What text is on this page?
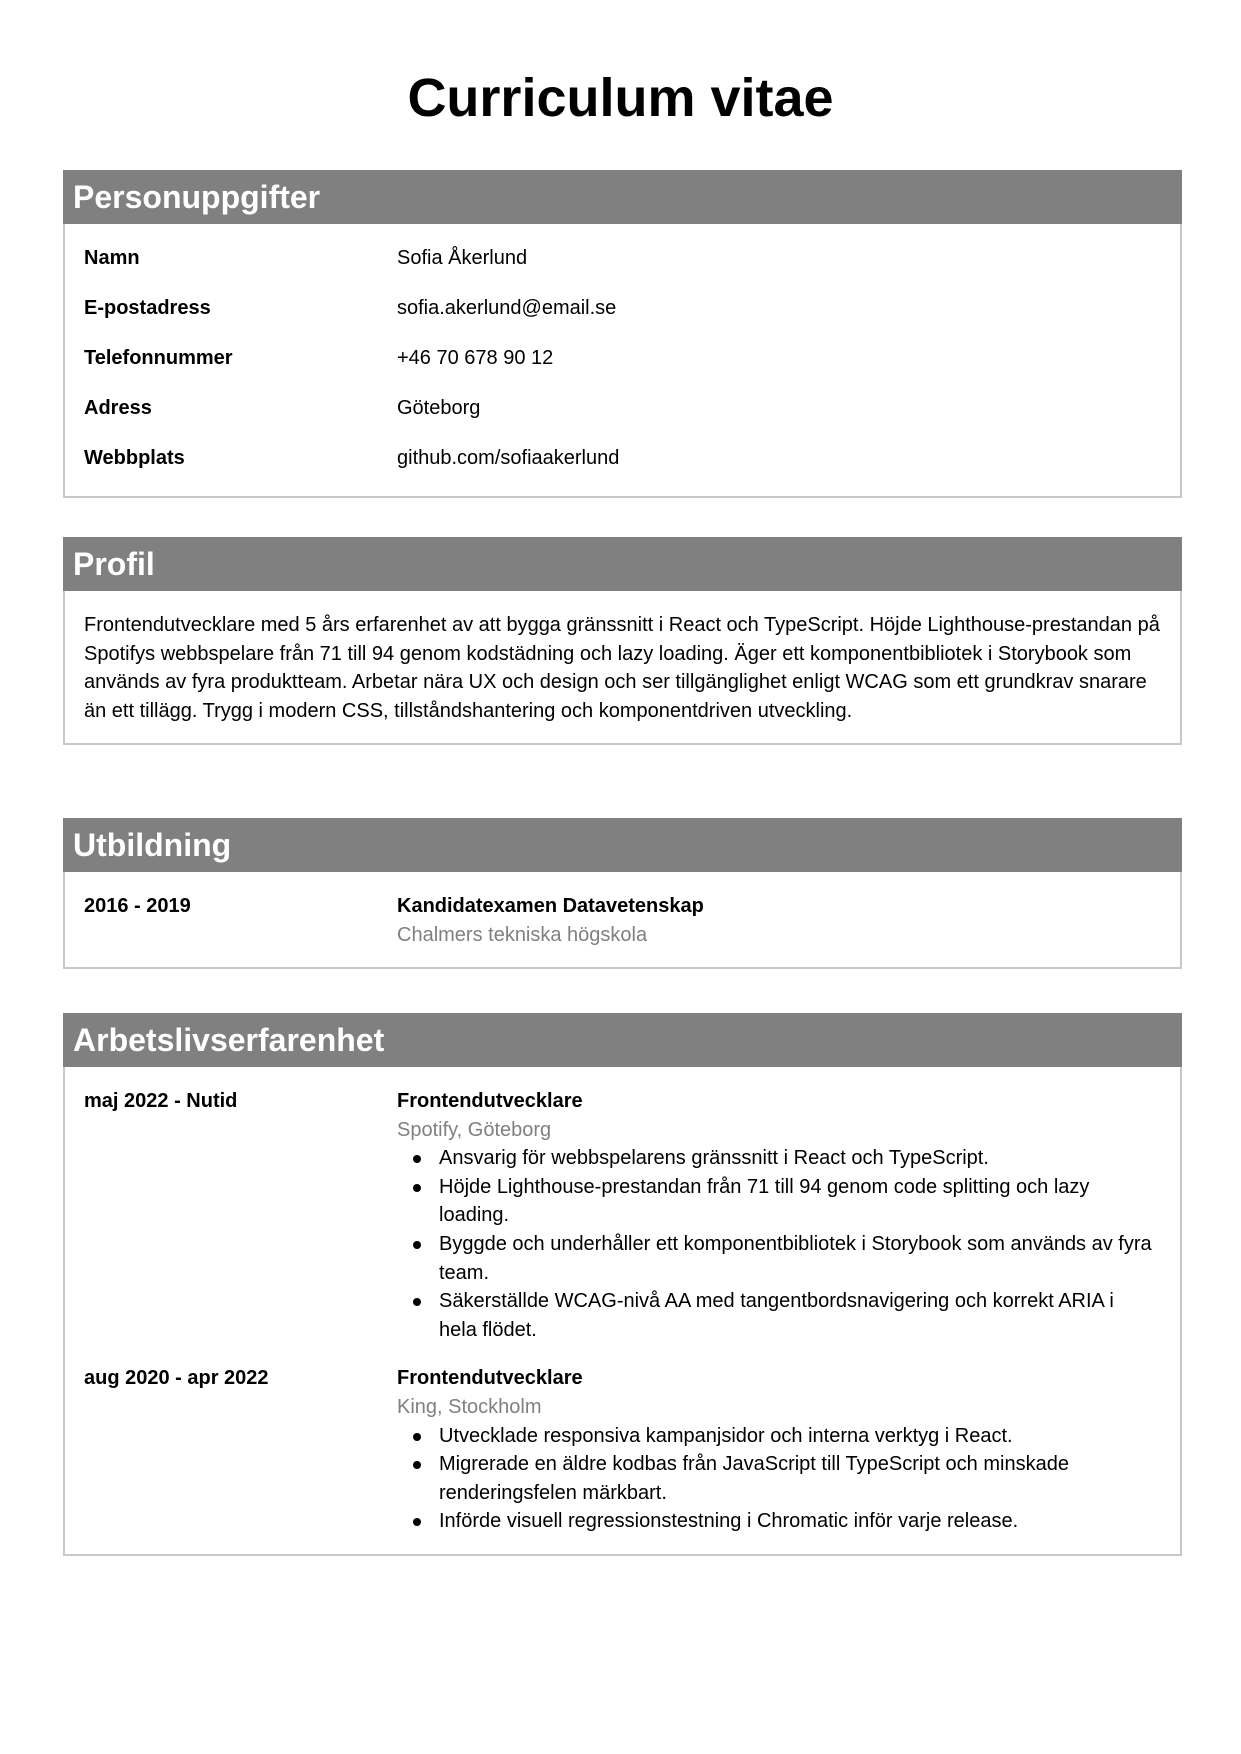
Curriculum vitae
Personuppgifter
Namn	Sofia Åkerlund
E-postadress	sofia.akerlund@email.se
Telefonnummer	+46 70 678 90 12
Adress	Göteborg
Webbplats	github.com/sofiaakerlund
Profil

Frontendutvecklare med 5 års erfarenhet av att bygga gränssnitt i React och TypeScript. Höjde Lighthouse-prestandan på Spotifys webbspelare från 71 till 94 genom kodstädning och lazy loading. Äger ett komponentbibliotek i Storybook som används av fyra produktteam. Arbetar nära UX och design och ser tillgänglighet enligt WCAG som ett grundkrav snarare än ett tillägg. Trygg i modern CSS, tillståndshantering och komponentdriven utveckling.

Utbildning
2016 - 2019	Kandidatexamen Datavetenskap
Chalmers tekniska högskola
Arbetslivserfarenhet
maj 2022 - Nutid	Frontendutvecklare
Spotify, Göteborg
Ansvarig för webbspelarens gränssnitt i React och TypeScript.
Höjde Lighthouse-prestandan från 71 till 94 genom code splitting och lazy loading.
Byggde och underhåller ett komponentbibliotek i Storybook som används av fyra team.
Säkerställde WCAG-nivå AA med tangentbordsnavigering och korrekt ARIA i hela flödet.
aug 2020 - apr 2022	Frontendutvecklare
King, Stockholm
Utvecklade responsiva kampanjsidor och interna verktyg i React.
Migrerade en äldre kodbas från JavaScript till TypeScript och minskade renderingsfelen märkbart.
Införde visuell regressionstestning i Chromatic inför varje release.
